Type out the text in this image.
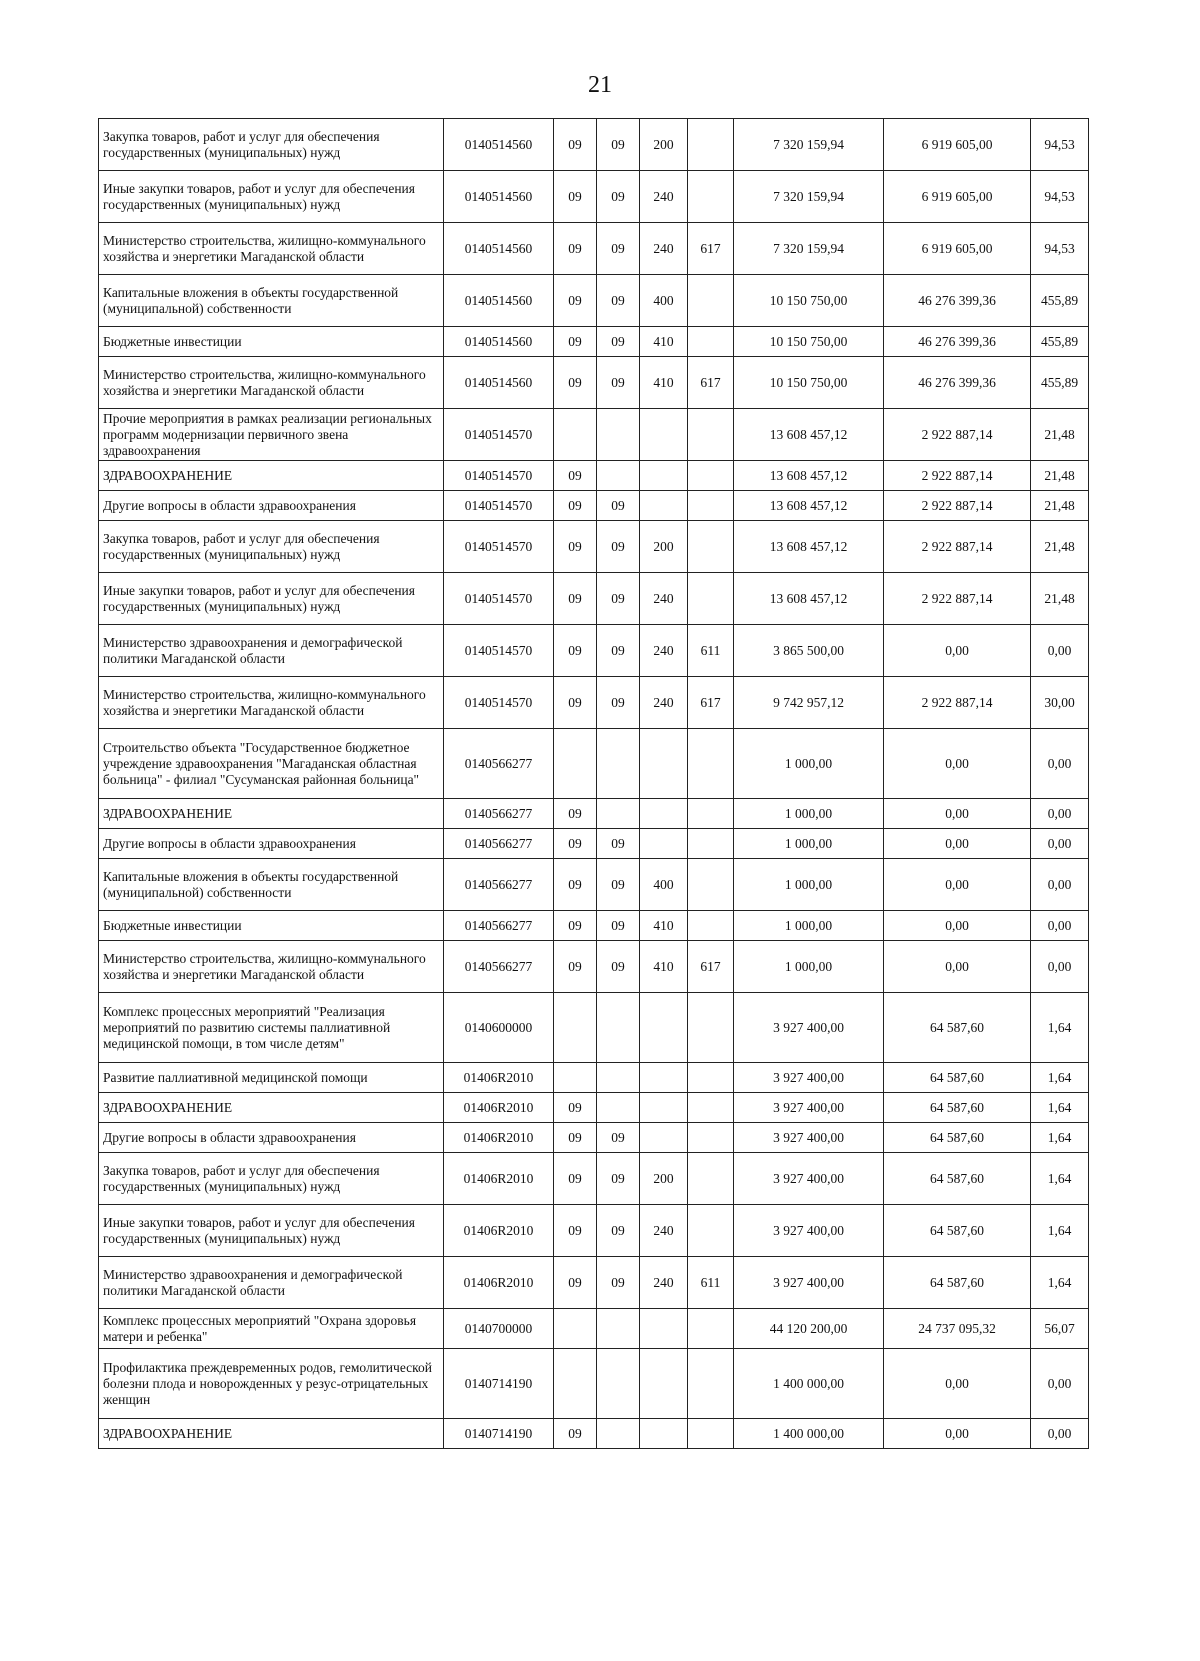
21
Закупка товаров, работ и услуг для обеспечения государственных (муниципальных) нужд	0140514560	09	09	200		7 320 159,94	6 919 605,00	94,53
Иные закупки товаров, работ и услуг для обеспечения государственных (муниципальных) нужд	0140514560	09	09	240		7 320 159,94	6 919 605,00	94,53
Министерство строительства, жилищно-коммунального хозяйства и энергетики Магаданской области	0140514560	09	09	240	617	7 320 159,94	6 919 605,00	94,53
Капитальные вложения в объекты государственной (муниципальной) собственности	0140514560	09	09	400		10 150 750,00	46 276 399,36	455,89
Бюджетные инвестиции	0140514560	09	09	410		10 150 750,00	46 276 399,36	455,89
Министерство строительства, жилищно-коммунального хозяйства и энергетики Магаданской области	0140514560	09	09	410	617	10 150 750,00	46 276 399,36	455,89
Прочие мероприятия в рамках реализации региональных программ модернизации первичного звена здравоохранения	0140514570					13 608 457,12	2 922 887,14	21,48
ЗДРАВООХРАНЕНИЕ	0140514570	09				13 608 457,12	2 922 887,14	21,48
Другие вопросы в области здравоохранения	0140514570	09	09			13 608 457,12	2 922 887,14	21,48
Закупка товаров, работ и услуг для обеспечения государственных (муниципальных) нужд	0140514570	09	09	200		13 608 457,12	2 922 887,14	21,48
Иные закупки товаров, работ и услуг для обеспечения государственных (муниципальных) нужд	0140514570	09	09	240		13 608 457,12	2 922 887,14	21,48
Министерство здравоохранения и демографической политики Магаданской области	0140514570	09	09	240	611	3 865 500,00	0,00	0,00
Министерство строительства, жилищно-коммунального хозяйства и энергетики Магаданской области	0140514570	09	09	240	617	9 742 957,12	2 922 887,14	30,00
Строительство объекта "Государственное бюджетное учреждение здравоохранения "Магаданская областная больница" - филиал "Сусуманская районная больница"	0140566277					1 000,00	0,00	0,00
ЗДРАВООХРАНЕНИЕ	0140566277	09				1 000,00	0,00	0,00
Другие вопросы в области здравоохранения	0140566277	09	09			1 000,00	0,00	0,00
Капитальные вложения в объекты государственной (муниципальной) собственности	0140566277	09	09	400		1 000,00	0,00	0,00
Бюджетные инвестиции	0140566277	09	09	410		1 000,00	0,00	0,00
Министерство строительства, жилищно-коммунального хозяйства и энергетики Магаданской области	0140566277	09	09	410	617	1 000,00	0,00	0,00
Комплекс процессных мероприятий "Реализация мероприятий по развитию системы паллиативной медицинской помощи, в том числе детям"	0140600000					3 927 400,00	64 587,60	1,64
Развитие паллиативной медицинской помощи	01406R2010					3 927 400,00	64 587,60	1,64
ЗДРАВООХРАНЕНИЕ	01406R2010	09				3 927 400,00	64 587,60	1,64
Другие вопросы в области здравоохранения	01406R2010	09	09			3 927 400,00	64 587,60	1,64
Закупка товаров, работ и услуг для обеспечения государственных (муниципальных) нужд	01406R2010	09	09	200		3 927 400,00	64 587,60	1,64
Иные закупки товаров, работ и услуг для обеспечения государственных (муниципальных) нужд	01406R2010	09	09	240		3 927 400,00	64 587,60	1,64
Министерство здравоохранения и демографической политики Магаданской области	01406R2010	09	09	240	611	3 927 400,00	64 587,60	1,64
Комплекс процессных мероприятий "Охрана здоровья матери и ребенка"	0140700000					44 120 200,00	24 737 095,32	56,07
Профилактика преждевременных родов, гемолитической болезни плода и новорожденных у резус-отрицательных женщин	0140714190					1 400 000,00	0,00	0,00
ЗДРАВООХРАНЕНИЕ	0140714190	09				1 400 000,00	0,00	0,00
